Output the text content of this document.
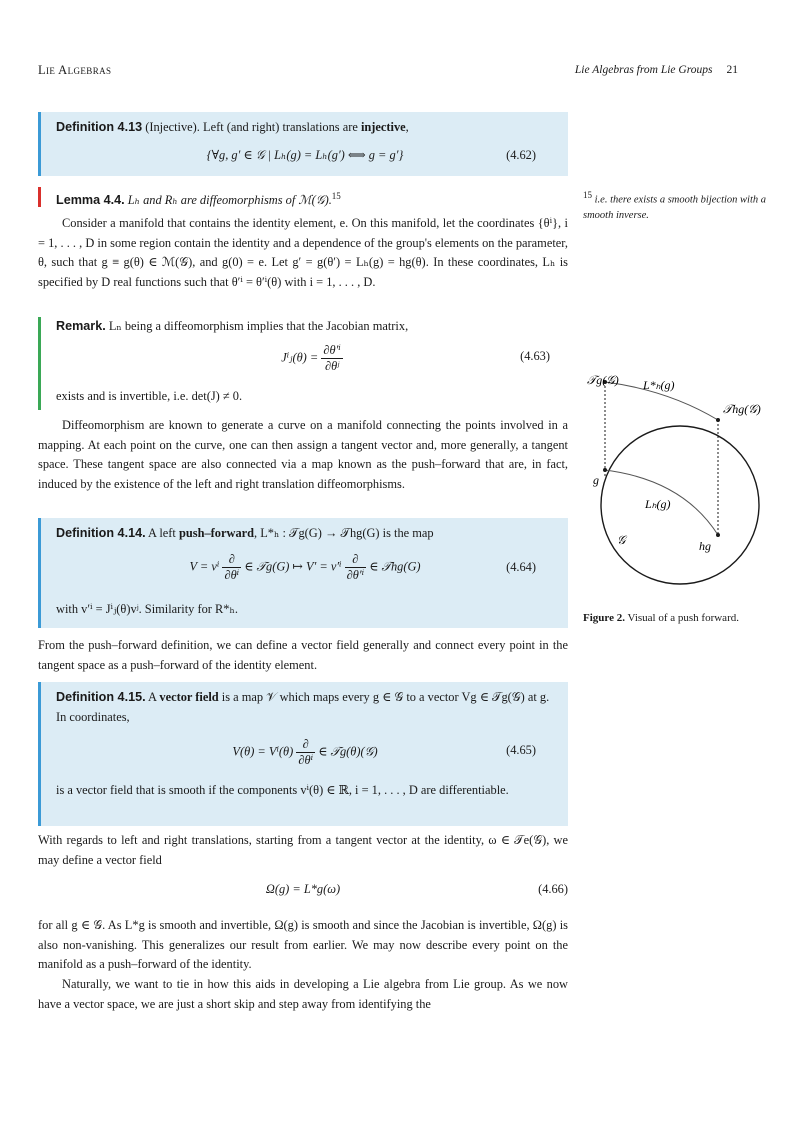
Lie Algebras	Lie Algebras from Lie Groups 21
Definition 4.13 (Injective). Left (and right) translations are injective,
{∀g, g′ ∈ 𝒢 | Lₕ(g) = Lₕ(g′) ⟺ g = g′}	(4.62)
Lemma 4.4. Lₕ and Rₕ are diffeomorphisms of ℳ(𝒢).$^{15}$

Consider a manifold that contains the identity element, e. On this manifold, let the coordinates {θⁱ}, i = 1, . . . , D in some region contain the identity and a dependence of the group's elements on the parameter, θ, such that g ≡ g(θ) ∈ ℳ(𝒢), and g(0) = e. Let g′ = g(θ′) = Lₕ(g) = hg(θ). In these coordinates, Lₕ is specified by D real functions such that θ′ⁱ = θ′ⁱ(θ) with i = 1, . . . , D.

Remark. Lₙ being a diffeomorphism implies that the Jacobian matrix,
Jⁱⱼ(θ) = $\frac{\text{∂θ′ⁱ}}{\text{∂θʲ}}$	(4.63)
exists and is invertible, i.e. det(J) ≠ 0.

Diffeomorphism are known to generate a curve on a manifold connecting the points involved in a mapping. At each point on the curve, one can then assign a tangent vector and, more generally, a tangent space. These tangent space are also connected via a map known as the push–forward that are, in fact, induced by the existence of the left and right translation diffeomorphisms.

Definition 4.14. A left push–forward, L*ₕ : 𝒯g(G) → 𝒯hg(G) is the map
V = vⁱ $\frac{\partial}{\text{∂θⁱ}}$ ∈ 𝒯g(G) ↦ $V' = v'^i \frac{\partial}{\text{∂θ′ⁱ}}$ ∈ 𝒯hg(G)	(4.64)
with v′ⁱ = Jⁱⱼ(θ)vʲ. Similarity for R*ₕ.

From the push–forward definition, we can define a vector field generally and connect every point in the tangent space as a push–forward of the identity element.

Definition 4.15. A vector field is a map 𝒱 which maps every g ∈ 𝒢 to a vector Vg ∈ 𝒯g(𝒢) at g. In coordinates,
$V(\theta) = V^i(\theta) \frac{\partial}{\text{∂θⁱ}}$ ∈ 𝒯g(θ)(𝒢)	(4.65)
is a vector field that is smooth if the components vⁱ(θ) ∈ ℝ, i = 1, . . . , D are differentiable.

With regards to left and right translations, starting from a tangent vector at the identity, ω ∈ 𝒯e(𝒢), we may define a vector field

Ω(g) = L*g(ω)	(4.66)

for all g ∈ 𝒢. As L*g is smooth and invertible, Ω(g) is smooth and since the Jacobian is invertible, Ω(g) is also non-vanishing. This generalizes our result from earlier. We may now describe every point on the manifold as a push–forward of the identity.

Naturally, we want to tie in how this aids in developing a Lie algebra from Lie group. As we now have a vector space, we are just a short skip and step away from identifying the

$^{15}$ i.e. there exists a smooth bijection with a smooth inverse.
𝒯g(𝒢) L*ₕ(g)
𝒯hg(𝒢)
g
Lₕ(g)
𝒢	hg
Figure 2. Visual of a push forward.
